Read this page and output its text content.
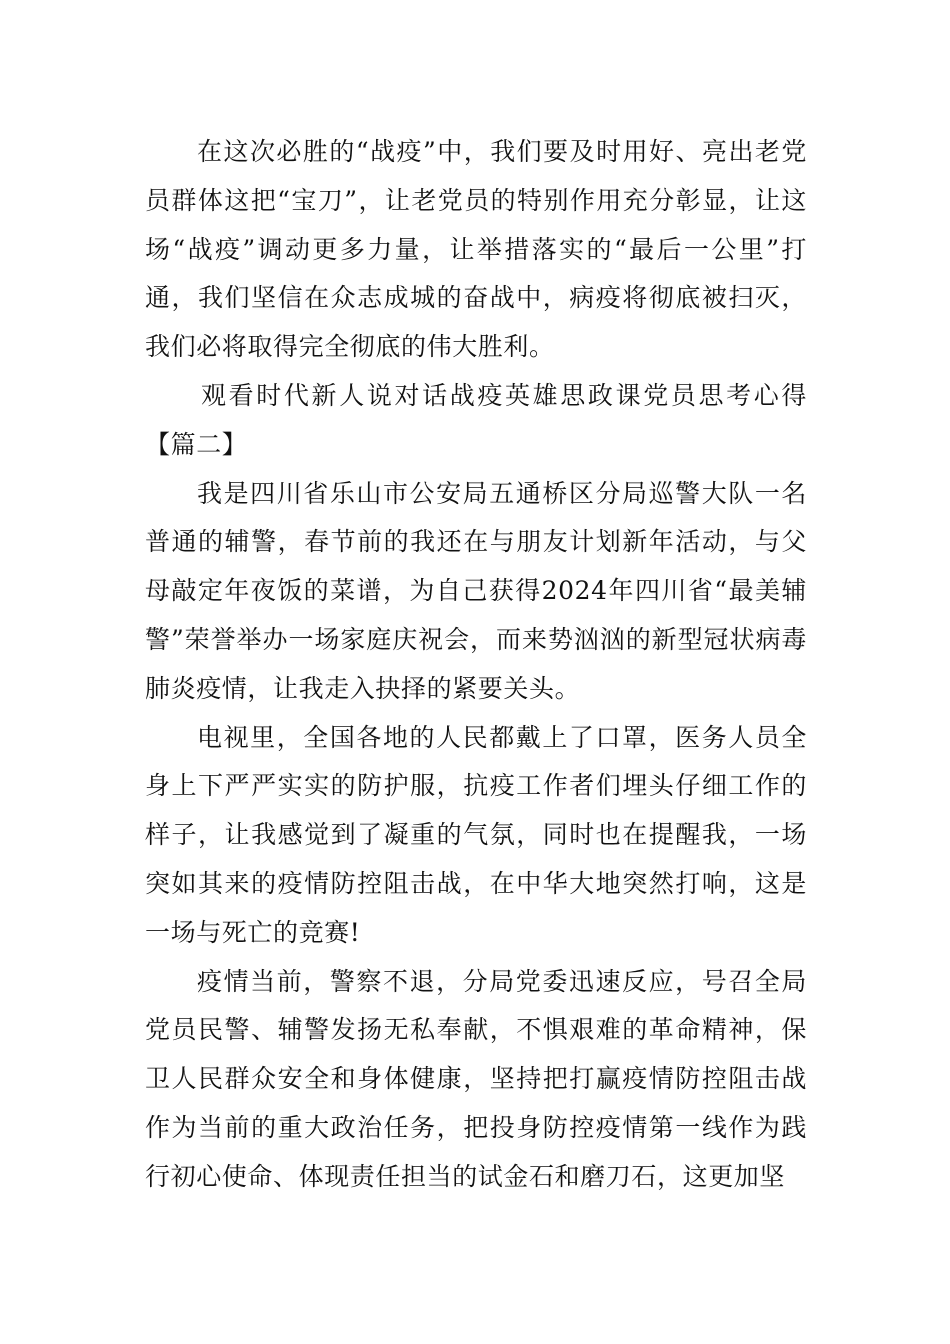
在这次必胜的“战疫”中，我们要及时用好、亮出老党员群体这把“宝刀”，让老党员的特别作用充分彰显，让这场“战疫”调动更多力量，让举措落实的“最后一公里”打通，我们坚信在众志成城的奋战中，病疫将彻底被扫灭，我们必将取得完全彻底的伟大胜利。

观看时代新人说对话战疫英雄思政课党员思考心得【篇二】

我是四川省乐山市公安局五通桥区分局巡警大队一名普通的辅警，春节前的我还在与朋友计划新年活动，与父母敲定年夜饭的菜谱，为自己获得2024年四川省“最美辅警”荣誉举办一场家庭庆祝会，而来势汹汹的新型冠状病毒肺炎疫情，让我走入抉择的紧要关头。

电视里，全国各地的人民都戴上了口罩，医务人员全身上下严严实实的防护服，抗疫工作者们埋头仔细工作的样子，让我感觉到了凝重的气氛，同时也在提醒我，一场突如其来的疫情防控阻击战，在中华大地突然打响，这是一场与死亡的竞赛!

疫情当前，警察不退，分局党委迅速反应，号召全局党员民警、辅警发扬无私奉献，不惧艰难的革命精神，保卫人民群众安全和身体健康，坚持把打赢疫情防控阻击战作为当前的重大政治任务，把投身防控疫情第一线作为践行初心使命、体现责任担当的试金石和磨刀石，这更加坚
